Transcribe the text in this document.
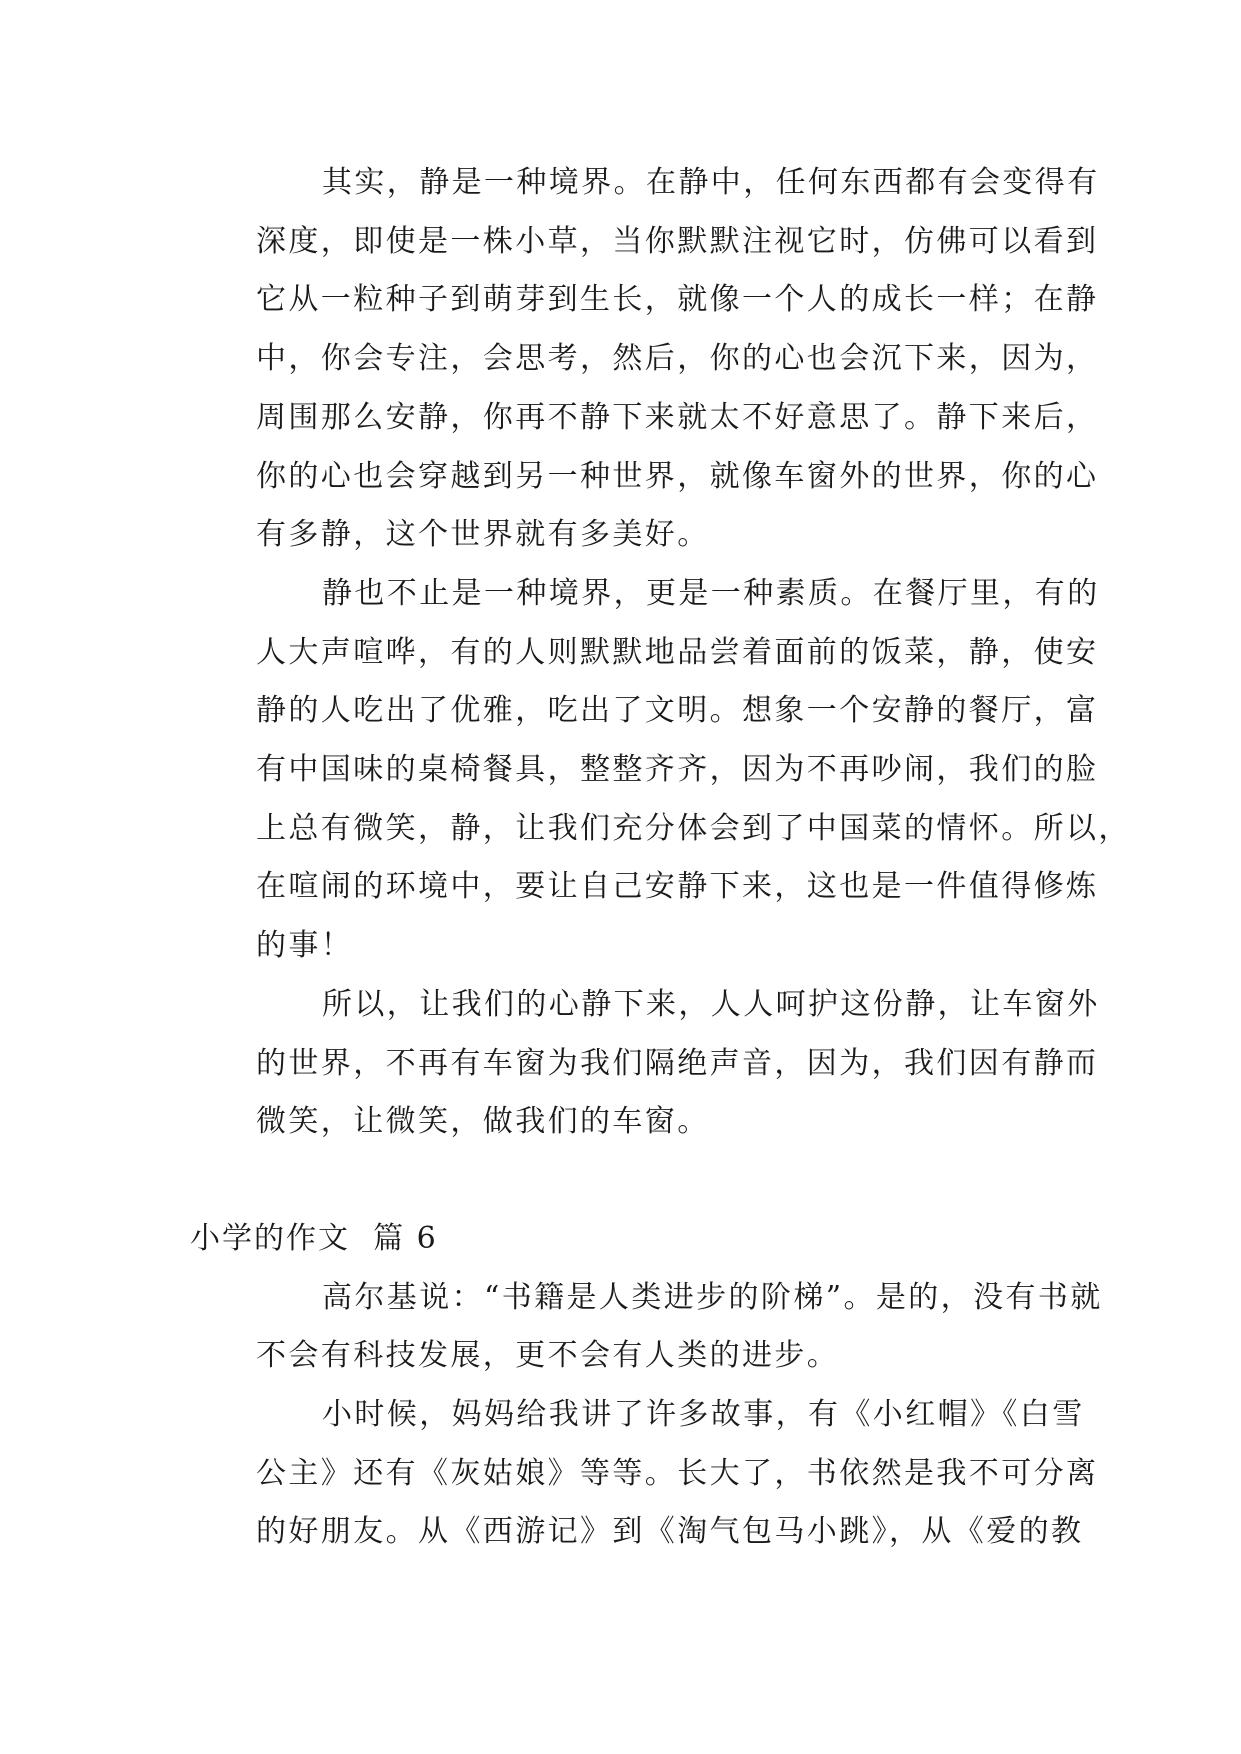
其实，静是一种境界。在静中，任何东西都有会变得有
深度，即使是一株小草，当你默默注视它时，仿佛可以看到
它从一粒种子到萌芽到生长，就像一个人的成长一样；在静
中，你会专注，会思考，然后，你的心也会沉下来，因为，
周围那么安静，你再不静下来就太不好意思了。静下来后，
你的心也会穿越到另一种世界，就像车窗外的世界，你的心
有多静，这个世界就有多美好。
静也不止是一种境界，更是一种素质。在餐厅里，有的
人大声喧哗，有的人则默默地品尝着面前的饭菜，静，使安
静的人吃出了优雅，吃出了文明。想象一个安静的餐厅，富
有中国味的桌椅餐具，整整齐齐，因为不再吵闹，我们的脸
上总有微笑，静，让我们充分体会到了中国菜的情怀。所以，
在喧闹的环境中，要让自己安静下来，这也是一件值得修炼
的事！
所以，让我们的心静下来，人人呵护这份静，让车窗外
的世界，不再有车窗为我们隔绝声音，因为，我们因有静而
微笑，让微笑，做我们的车窗。
小学的作文  篇 6
高尔基说：“书籍是人类进步的阶梯”。是的，没有书就
不会有科技发展，更不会有人类的进步。
小时候，妈妈给我讲了许多故事，有《小红帽》《白雪
公主》还有《灰姑娘》等等。长大了，书依然是我不可分离
的好朋友。从《西游记》到《淘气包马小跳》，从《爱的教
